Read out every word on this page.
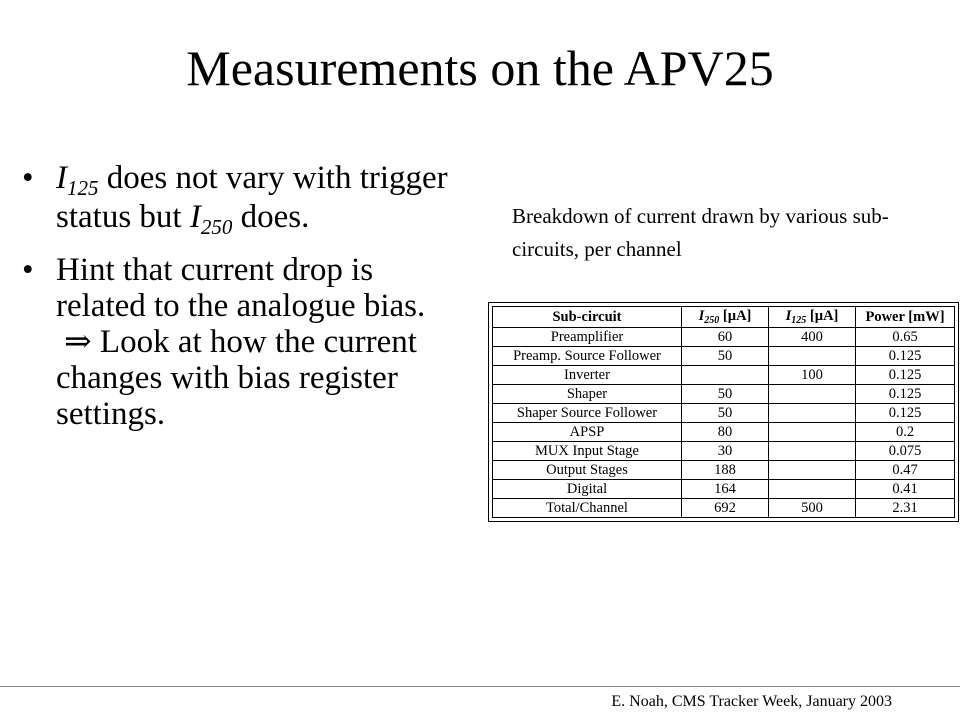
Measurements on the APV25
• $I_{125}$ does not vary with trigger status but $I_{250}$ does.
• Hint that current drop is related to the analogue bias.
⇒ Look at how the current changes with bias register settings.
Breakdown of current drawn by various sub-circuits, per channel
Sub-circuit	$I_{250}$ [µA]	$I_{125}$ [µA]	Power [mW]
Preamplifier	60	400	0.65
Preamp. Source Follower	50		0.125
Inverter		100	0.125
Shaper	50		0.125
Shaper Source Follower	50		0.125
APSP	80		0.2
MUX Input Stage	30		0.075
Output Stages	188		0.47
Digital	164		0.41
Total/Channel	692	500	2.31
E. Noah, CMS Tracker Week, January 2003
